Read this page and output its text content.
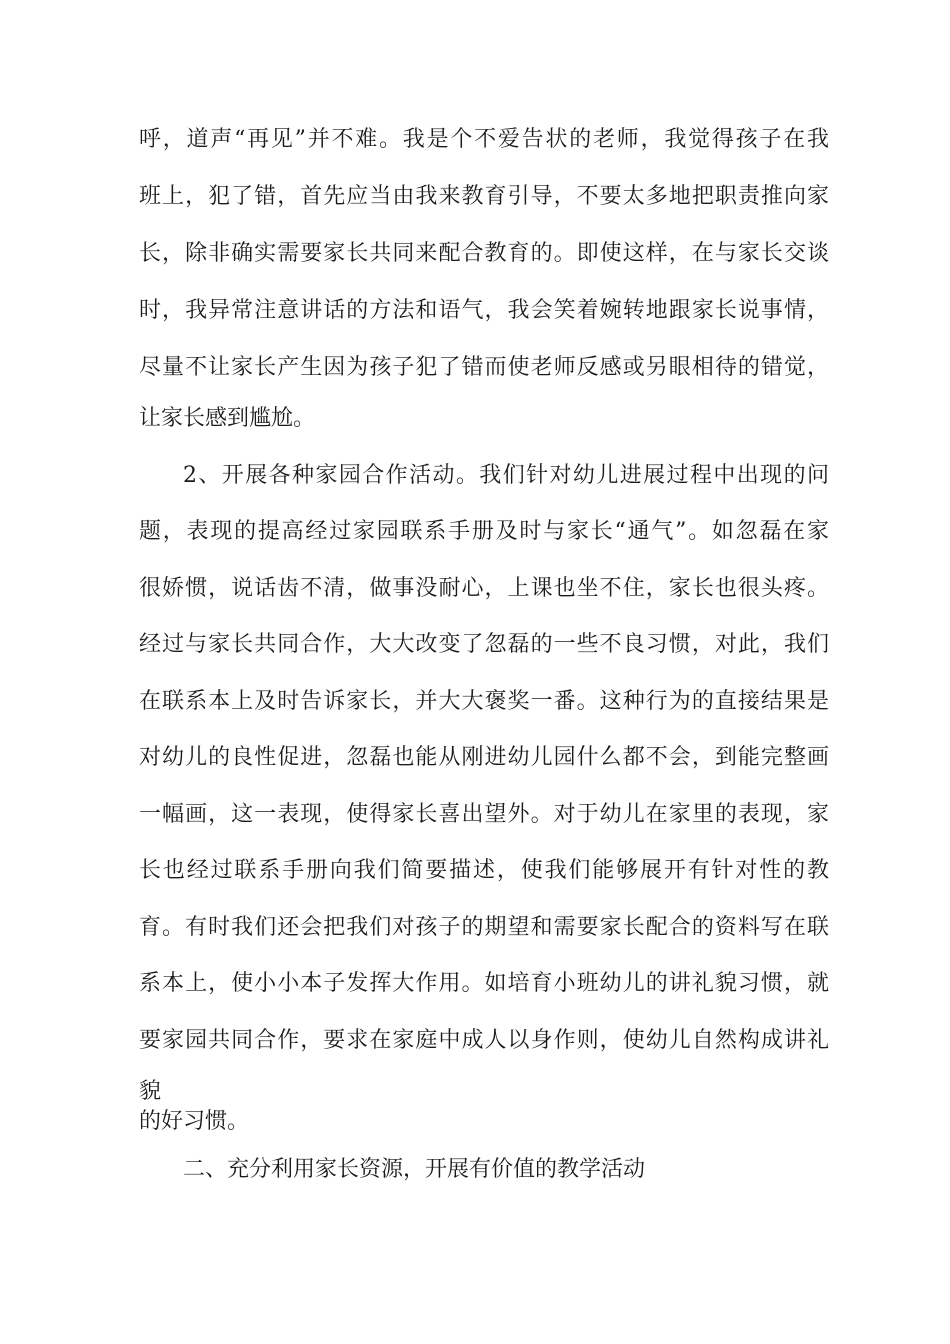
呼，道声“再见”并不难。我是个不爱告状的老师，我觉得孩子在我
班上，犯了错，首先应当由我来教育引导，不要太多地把职责推向家
长，除非确实需要家长共同来配合教育的。即使这样，在与家长交谈
时，我异常注意讲话的方法和语气，我会笑着婉转地跟家长说事情，
尽量不让家长产生因为孩子犯了错而使老师反感或另眼相待的错觉，
让家长感到尴尬。
2、开展各种家园合作活动。我们针对幼儿进展过程中出现的问
题，表现的提高经过家园联系手册及时与家长“通气”。如忽磊在家
很娇惯，说话齿不清，做事没耐心，上课也坐不住，家长也很头疼。
经过与家长共同合作，大大改变了忽磊的一些不良习惯，对此，我们
在联系本上及时告诉家长，并大大褒奖一番。这种行为的直接结果是
对幼儿的良性促进，忽磊也能从刚进幼儿园什么都不会，到能完整画
一幅画，这一表现，使得家长喜出望外。对于幼儿在家里的表现，家
长也经过联系手册向我们简要描述，使我们能够展开有针对性的教
育。有时我们还会把我们对孩子的期望和需要家长配合的资料写在联
系本上，使小小本子发挥大作用。如培育小班幼儿的讲礼貌习惯，就
要家园共同合作，要求在家庭中成人以身作则，使幼儿自然构成讲礼
貌
的好习惯。
二、充分利用家长资源，开展有价值的教学活动
